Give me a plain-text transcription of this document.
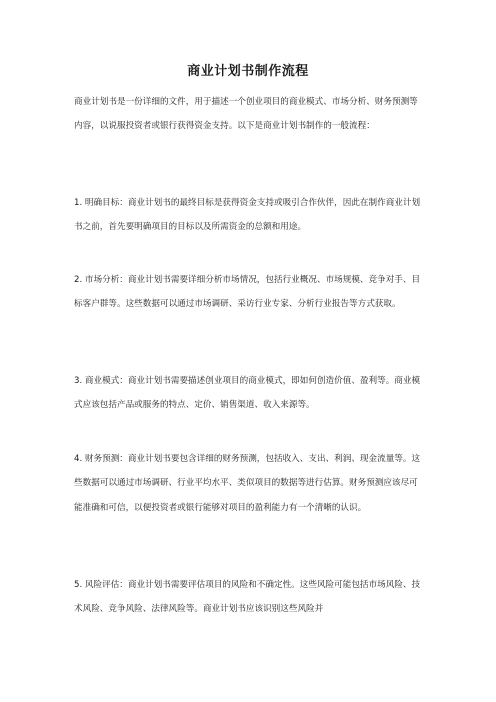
商业计划书制作流程

商业计划书是一份详细的文件，用于描述一个创业项目的商业模式、市场分析、财务预测等内容，以说服投资者或银行获得资金支持。以下是商业计划书制作的一般流程：

1. 明确目标：商业计划书的最终目标是获得资金支持或吸引合作伙伴，因此在制作商业计划书之前，首先要明确项目的目标以及所需资金的总额和用途。

2. 市场分析：商业计划书需要详细分析市场情况，包括行业概况、市场规模、竞争对手、目标客户群等。这些数据可以通过市场调研、采访行业专家、分析行业报告等方式获取。

3. 商业模式：商业计划书需要描述创业项目的商业模式，即如何创造价值、盈利等。商业模式应该包括产品或服务的特点、定价、销售渠道、收入来源等。

4. 财务预测：商业计划书要包含详细的财务预测，包括收入、支出、利润、现金流量等。这些数据可以通过市场调研、行业平均水平、类似项目的数据等进行估算。财务预测应该尽可能准确和可信，以便投资者或银行能够对项目的盈利能力有一个清晰的认识。

5. 风险评估：商业计划书需要评估项目的风险和不确定性。这些风险可能包括市场风险、技术风险、竞争风险、法律风险等。商业计划书应该识别这些风险并
